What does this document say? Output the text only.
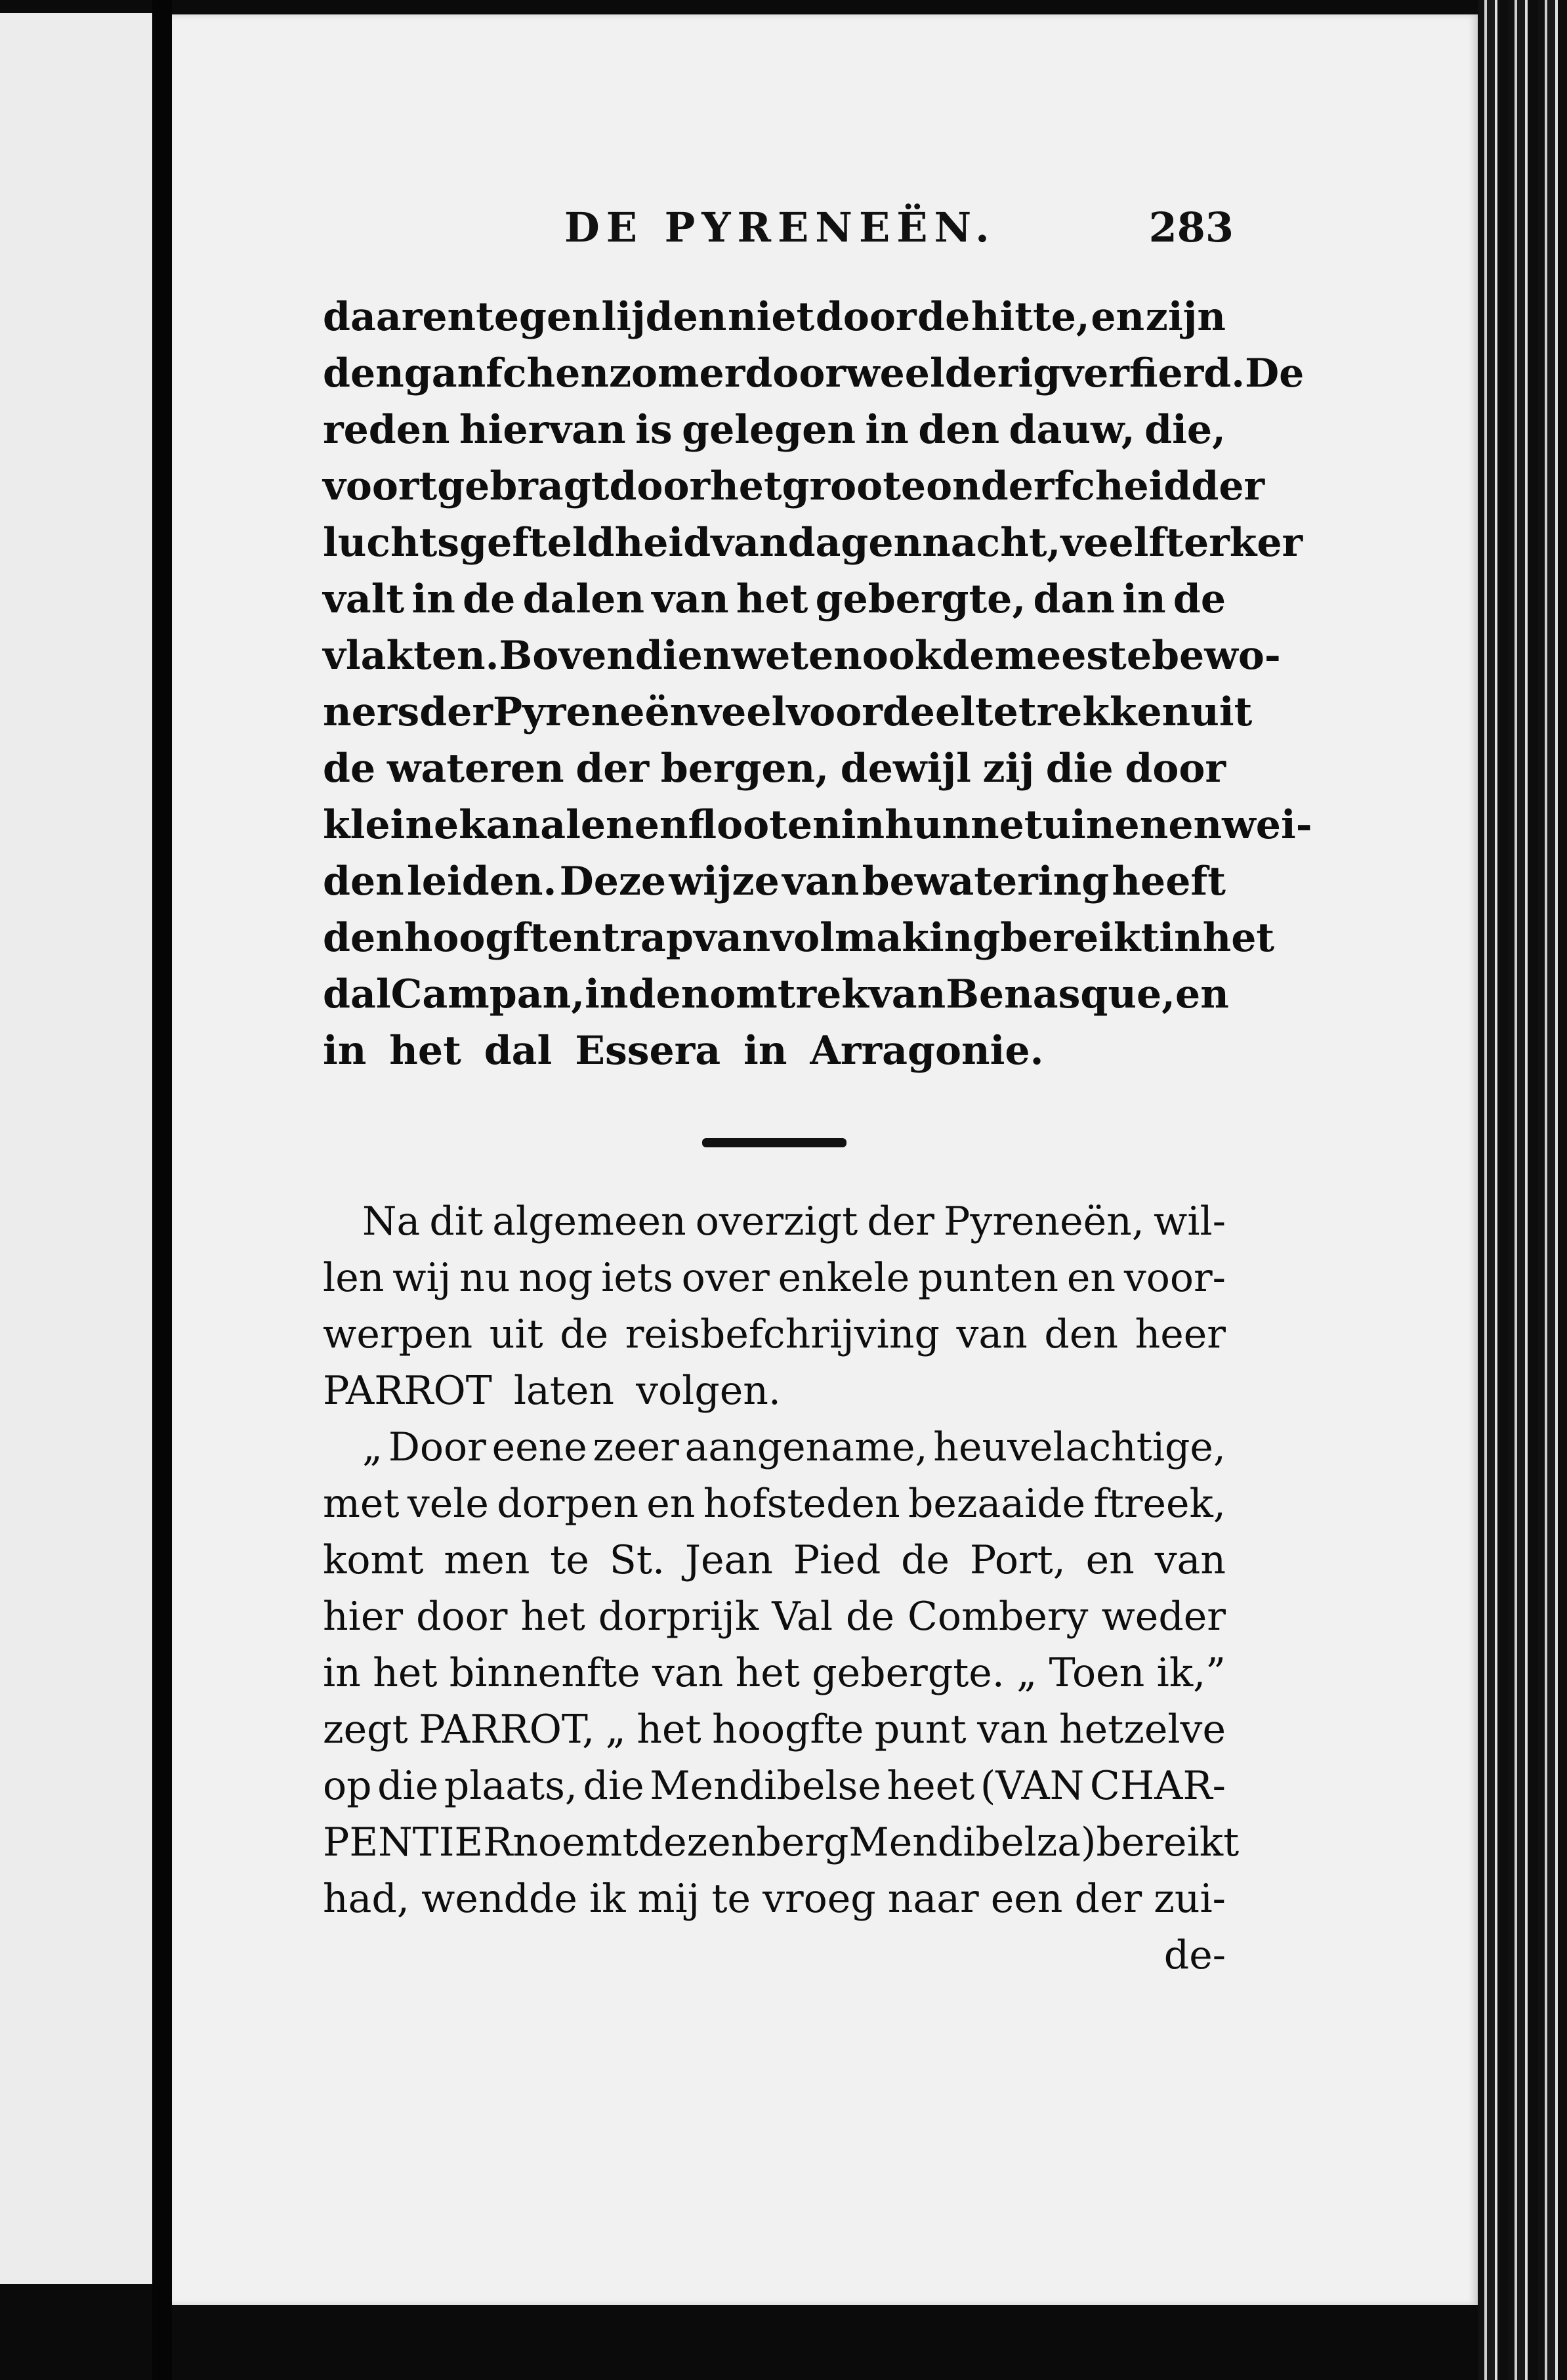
DE PYRENEËN.	283
daarentegen lijden niet door de hitte, en zijn
den ganfchen zomer door weelderig verfierd. De
reden hiervan is gelegen in den dauw, die,
voortgebragt door het groote onderfcheid der
luchtsgefteldheid van dag en nacht, veel fterker
valt in de dalen van het gebergte, dan in de
vlakten. Bovendien weten ook de meeste bewo-
ners der Pyreneën veel voordeel te trekken uit
de wateren der bergen, dewijl zij die door
kleine kanalen en flooten in hunne tuinen en wei-
den leiden. Deze wijze van bewatering heeft
den hoogften trap van volmaking bereikt in het
dal Campan, in den omtrek van Benasque, en
in het dal Essera in Arragonie.
Na dit algemeen overzigt der Pyreneën, wil-
len wij nu nog iets over enkele punten en voor-
werpen uit de reisbefchrijving van den heer
PARROT laten volgen.
„ Door eene zeer aangename, heuvelachtige,
met vele dorpen en hofsteden bezaaide ftreek,
komt men te St. Jean Pied de Port, en van
hier door het dorprijk Val de Combery weder
in het binnenfte van het gebergte. „ Toen ik,”
zegt PARROT, „ het hoogfte punt van hetzelve
op die plaats, die Mendibelse heet (VAN CHAR-
PENTIER noemt dezen berg Mendibelza) bereikt
had, wendde ik mij te vroeg naar een der zui-
de-
